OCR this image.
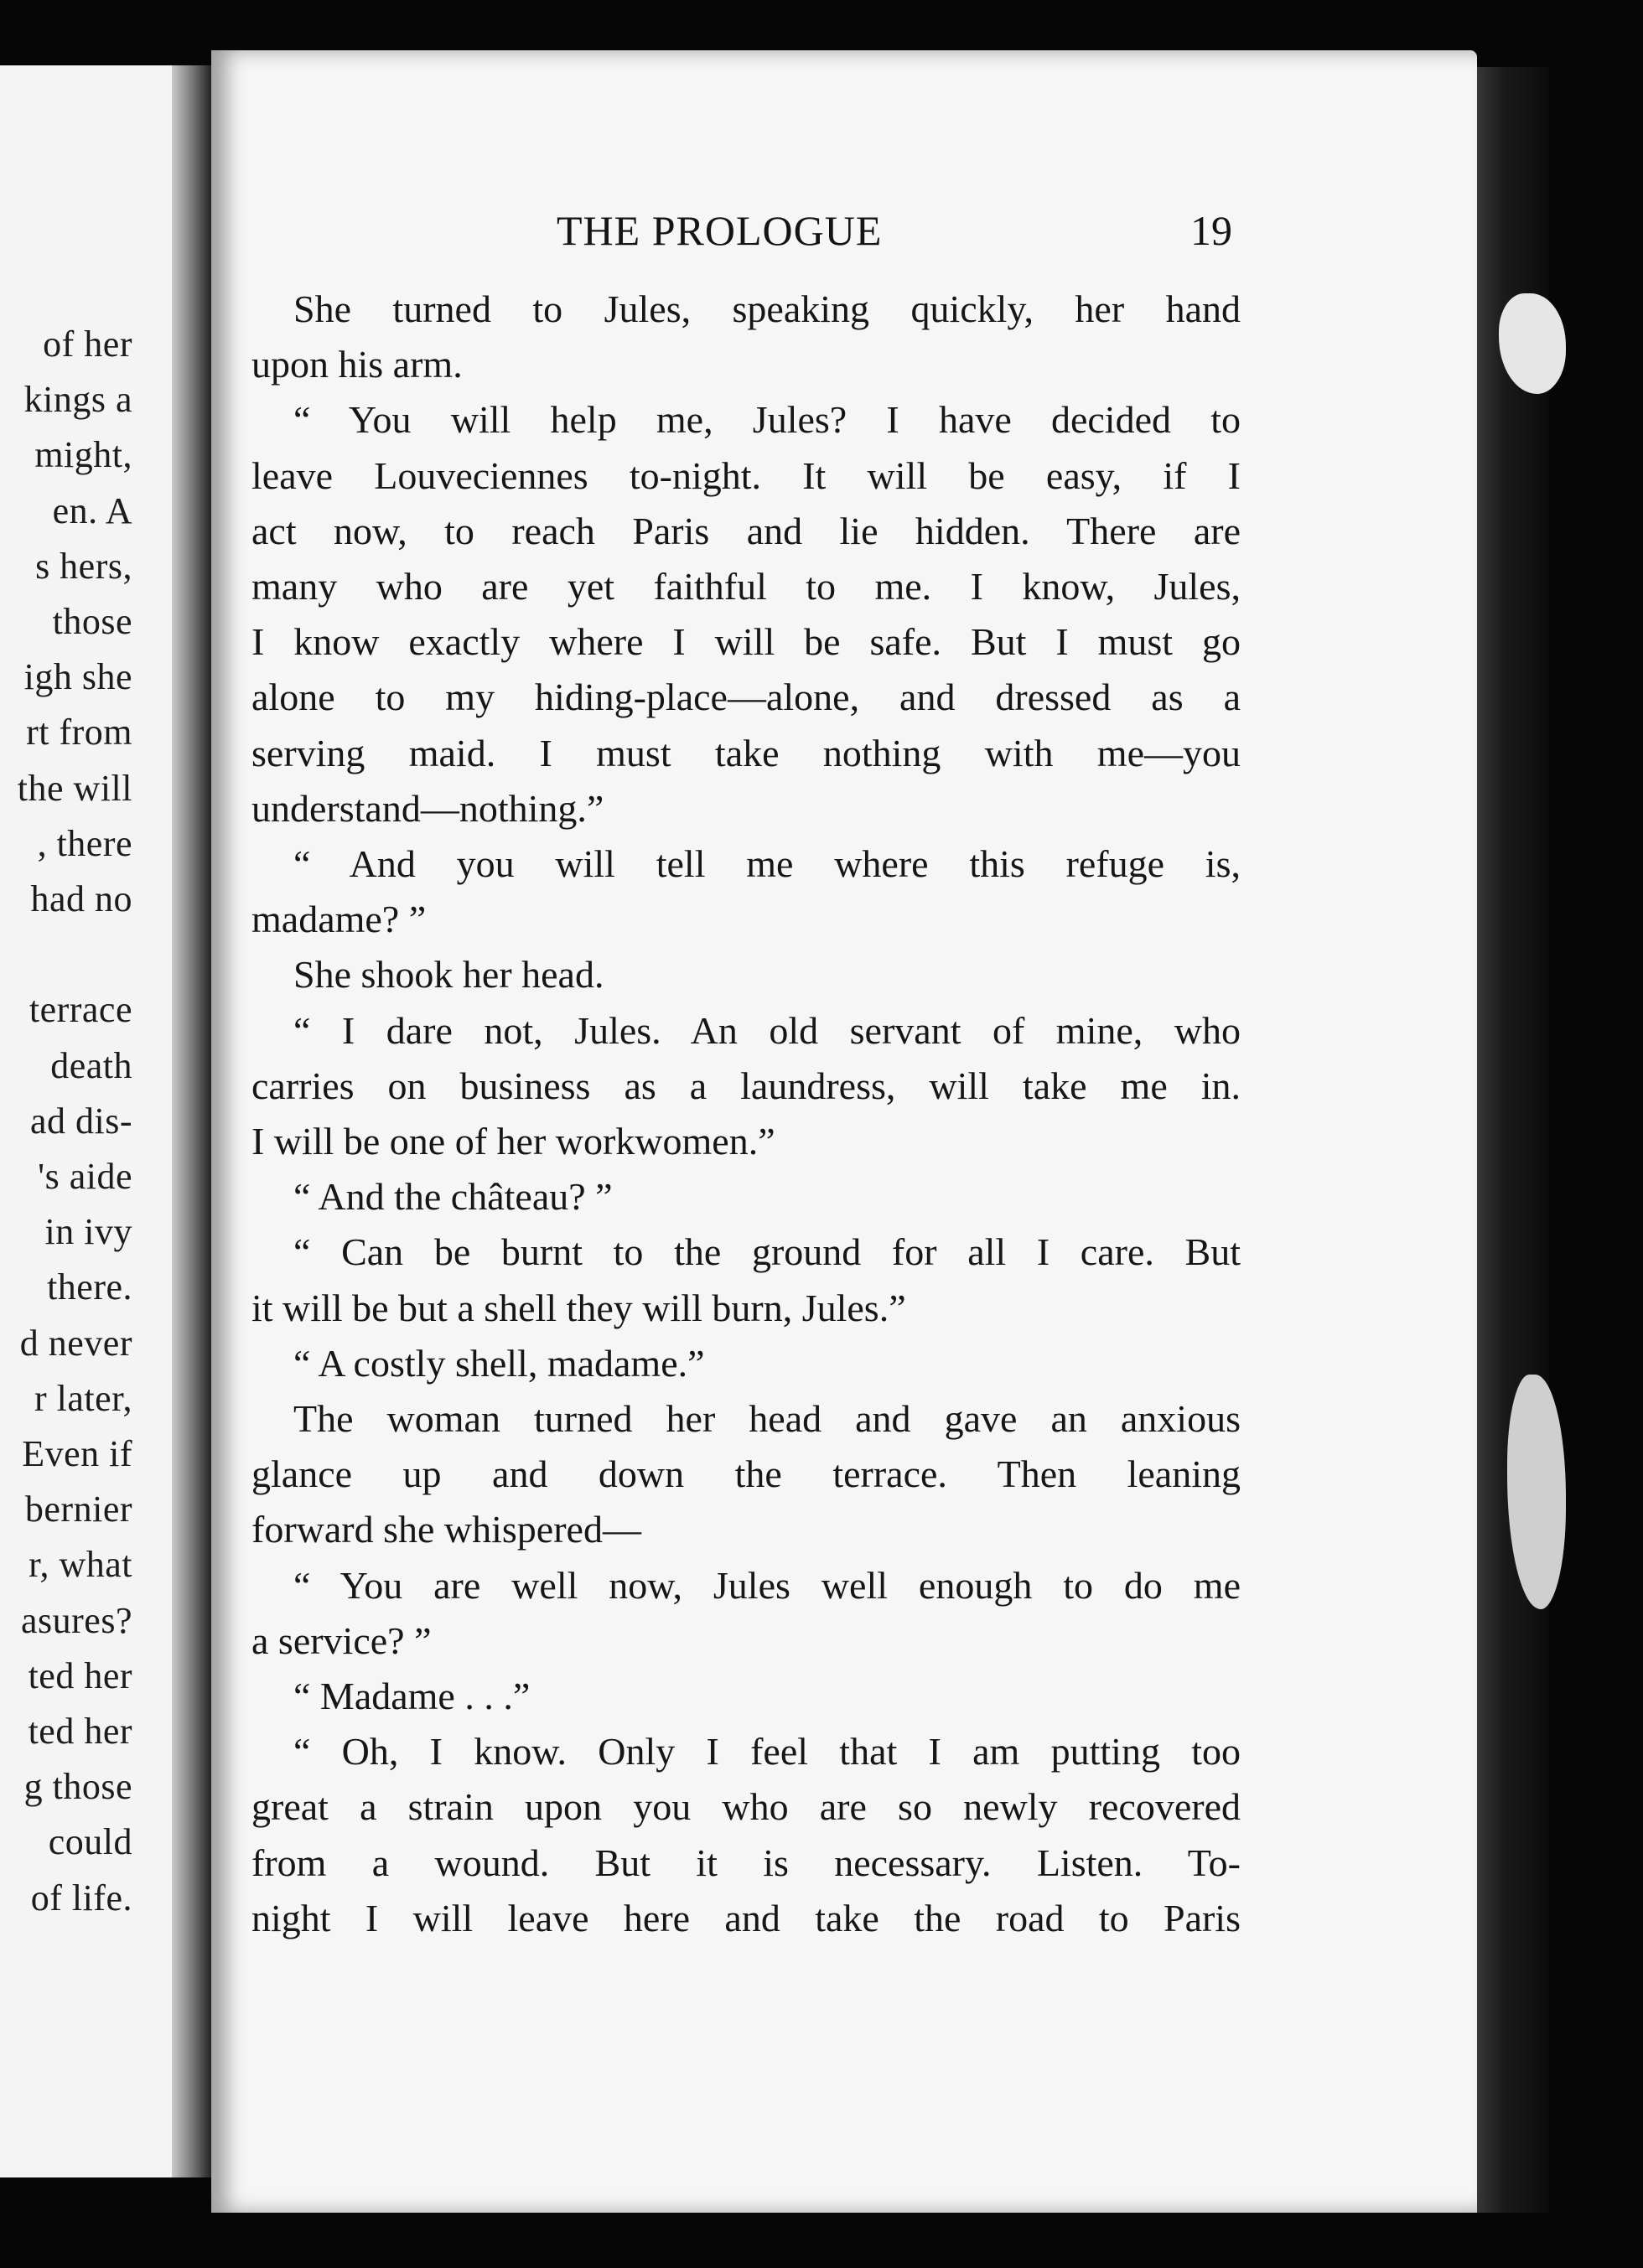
of her
kings a
might,
en. A
s hers,
those
igh she
rt from
the will
, there
had no
terrace
death
ad dis-
's aide
in ivy
there.
d never
r later,
Even if
bernier
r, what
asures?
ted her
ted her
g those
could
of life.
THE PROLOGUE	19
She turned to Jules, speaking quickly, her hand
upon his arm.
“ You will help me, Jules? I have decided to
leave Louveciennes to-night. It will be easy, if I
act now, to reach Paris and lie hidden. There are
many who are yet faithful to me. I know, Jules,
I know exactly where I will be safe. But I must go
alone to my hiding-place—alone, and dressed as a
serving maid. I must take nothing with me—you
understand—nothing.”
“ And you will tell me where this refuge is,
madame? ”
She shook her head.
“ I dare not, Jules. An old servant of mine, who
carries on business as a laundress, will take me in.
I will be one of her workwomen.”
“ And the château? ”
“ Can be burnt to the ground for all I care. But
it will be but a shell they will burn, Jules.”
“ A costly shell, madame.”
The woman turned her head and gave an anxious
glance up and down the terrace. Then leaning
forward she whispered—
“ You are well now, Jules well enough to do me
a service? ”
“ Madame . . .”
“ Oh, I know. Only I feel that I am putting too
great a strain upon you who are so newly recovered
from a wound. But it is necessary. Listen. To-
night I will leave here and take the road to Paris
